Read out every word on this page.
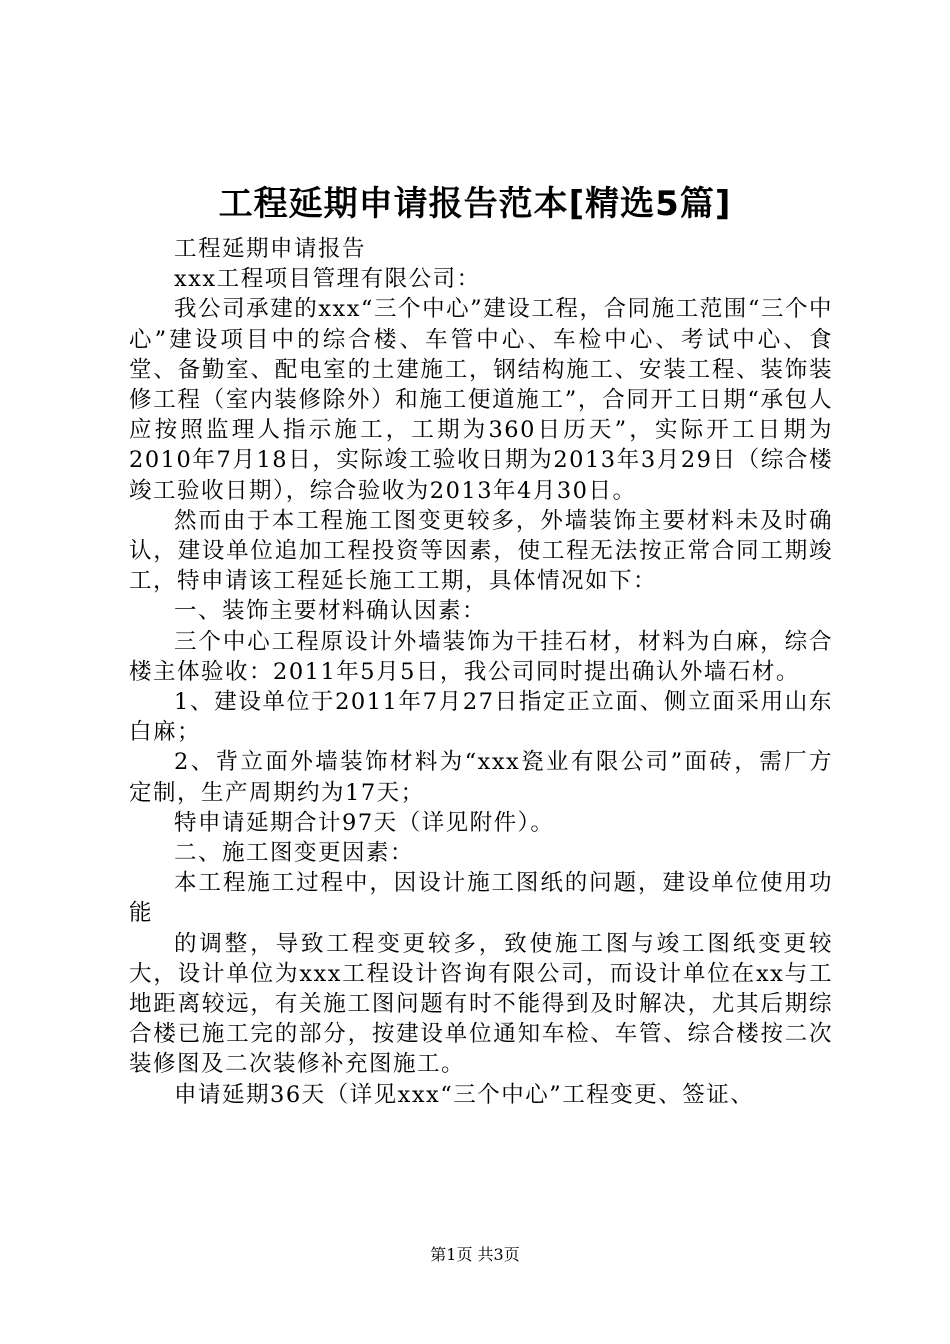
工程延期申请报告范本[精选5篇]

工程延期申请报告

xxx工程项目管理有限公司：

我公司承建的xxx“三个中心”建设工程，合同施工范围“三个中心”建设项目中的综合楼、车管中心、车检中心、考试中心、食堂、备勤室、配电室的土建施工，钢结构施工、安装工程、装饰装修工程（室内装修除外）和施工便道施工”，合同开工日期“承包人应按照监理人指示施工，工期为360日历天”，实际开工日期为2010年7月18日，实际竣工验收日期为2013年3月29日（综合楼竣工验收日期），综合验收为2013年4月30日。

然而由于本工程施工图变更较多，外墙装饰主要材料未及时确认，建设单位追加工程投资等因素，使工程无法按正常合同工期竣工，特申请该工程延长施工工期，具体情况如下：

一、装饰主要材料确认因素：

三个中心工程原设计外墙装饰为干挂石材，材料为白麻，综合楼主体验收：2011年5月5日，我公司同时提出确认外墙石材。

1、建设单位于2011年7月27日指定正立面、侧立面采用山东白麻；

2、背立面外墙装饰材料为“xxx瓷业有限公司”面砖，需厂方定制，生产周期约为17天；

特申请延期合计97天（详见附件）。

二、施工图变更因素：

本工程施工过程中，因设计施工图纸的问题，建设单位使用功能

的调整，导致工程变更较多，致使施工图与竣工图纸变更较大，设计单位为xxx工程设计咨询有限公司，而设计单位在xx与工地距离较远，有关施工图问题有时不能得到及时解决，尤其后期综合楼已施工完的部分，按建设单位通知车检、车管、综合楼按二次装修图及二次装修补充图施工。

申请延期36天（详见xxx“三个中心”工程变更、签证、

第1页 共3页
